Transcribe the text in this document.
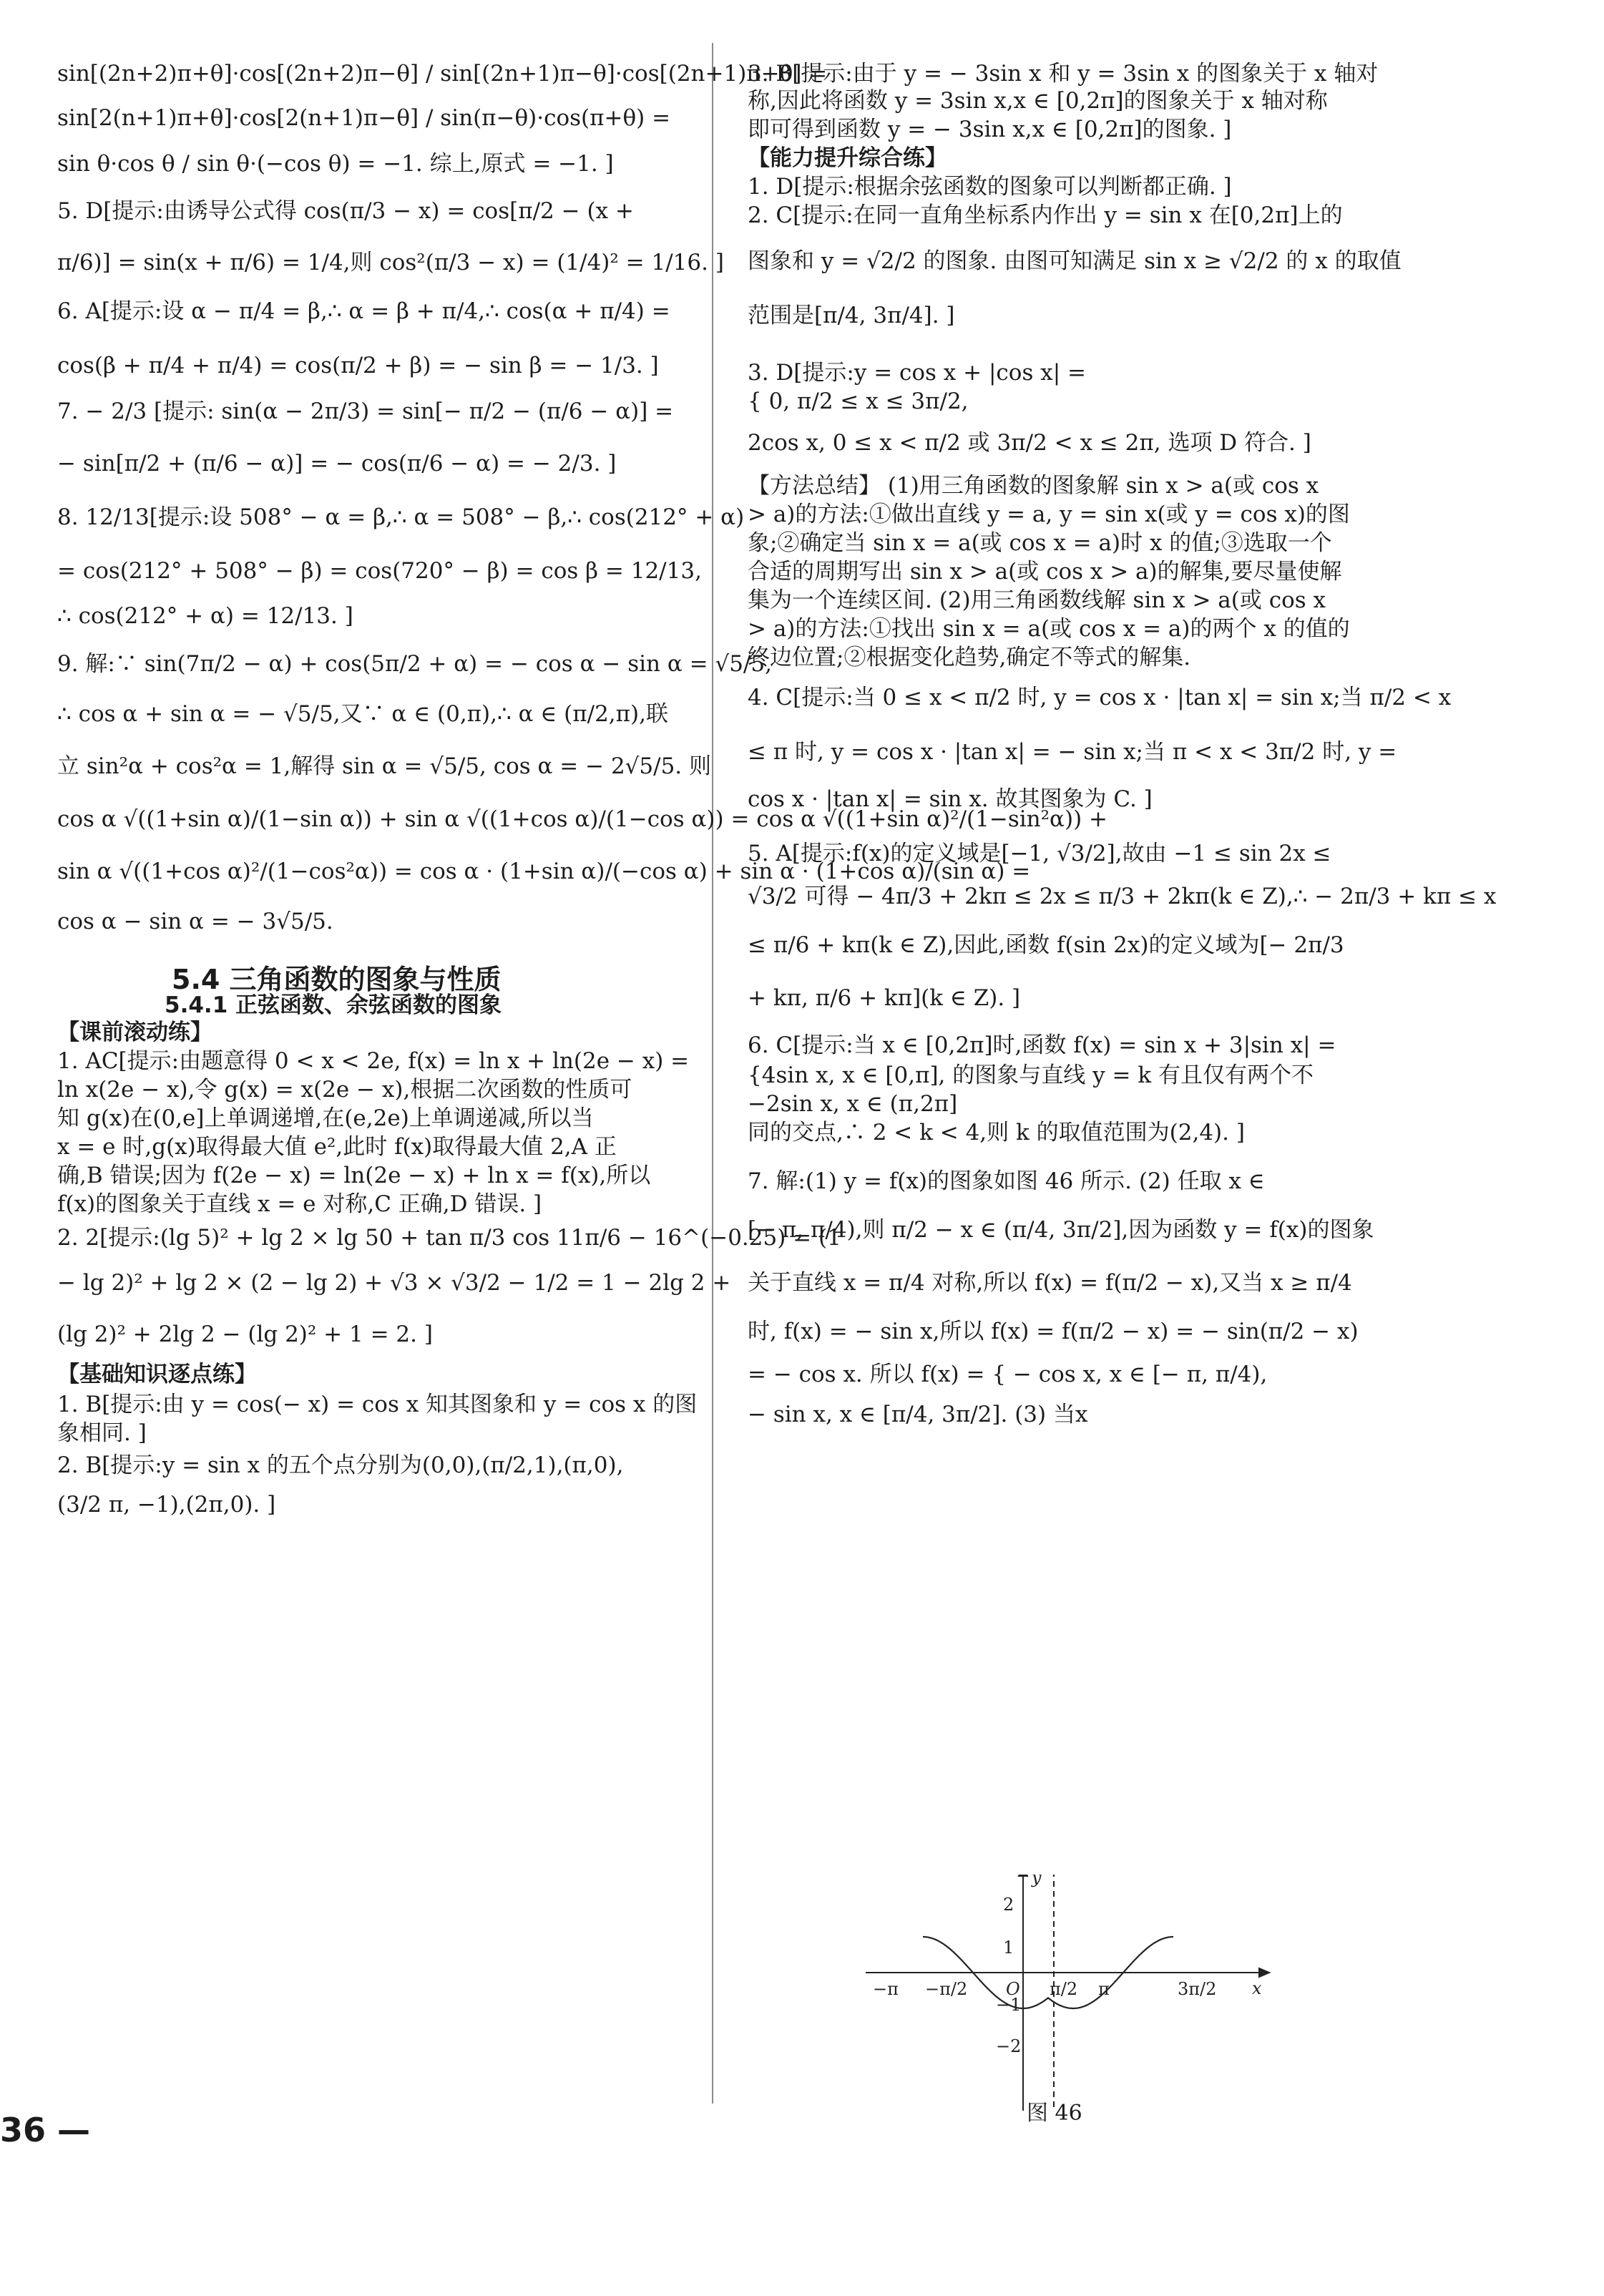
sin[(2n+2)π+θ]·cos[(2n+2)π−θ] / sin[(2n+1)π−θ]·cos[(2n+1)π+θ] =
sin[2(n+1)π+θ]·cos[2(n+1)π−θ] / sin(π−θ)·cos(π+θ) =
sin θ·cos θ / sin θ·(−cos θ) = −1. 综上,原式 = −1. ]
5. D[提示:由诱导公式得 cos(π/3 − x) = cos[π/2 − (x +
π/6)] = sin(x + π/6) = 1/4,则 cos²(π/3 − x) = (1/4)² = 1/16. ]
6. A[提示:设 α − π/4 = β,∴ α = β + π/4,∴ cos(α + π/4) =
cos(β + π/4 + π/4) = cos(π/2 + β) = − sin β = − 1/3. ]
7. − 2/3 [提示: sin(α − 2π/3) = sin[− π/2 − (π/6 − α)] =
− sin[π/2 + (π/6 − α)] = − cos(π/6 − α) = − 2/3. ]
8. 12/13[提示:设 508° − α = β,∴ α = 508° − β,∴ cos(212° + α)
= cos(212° + 508° − β) = cos(720° − β) = cos β = 12/13,
∴ cos(212° + α) = 12/13. ]
9. 解:∵ sin(7π/2 − α) + cos(5π/2 + α) = − cos α − sin α = √5/5,
∴ cos α + sin α = − √5/5,又∵ α ∈ (0,π),∴ α ∈ (π/2,π),联
立 sin²α + cos²α = 1,解得 sin α = √5/5, cos α = − 2√5/5. 则
cos α √((1+sin α)/(1−sin α)) + sin α √((1+cos α)/(1−cos α)) = cos α √((1+sin α)²/(1−sin²α)) +
sin α √((1+cos α)²/(1−cos²α)) = cos α · (1+sin α)/(−cos α) + sin α · (1+cos α)/(sin α) =
cos α − sin α = − 3√5/5.
5.4 三角函数的图象与性质
5.4.1 正弦函数、余弦函数的图象
【课前滚动练】
1. AC[提示:由题意得 0 < x < 2e, f(x) = ln x + ln(2e − x) =
ln x(2e − x),令 g(x) = x(2e − x),根据二次函数的性质可
知 g(x)在(0,e]上单调递增,在(e,2e)上单调递减,所以当
x = e 时,g(x)取得最大值 e²,此时 f(x)取得最大值 2,A 正
确,B 错误;因为 f(2e − x) = ln(2e − x) + ln x = f(x),所以
f(x)的图象关于直线 x = e 对称,C 正确,D 错误. ]
2. 2[提示:(lg 5)² + lg 2 × lg 50 + tan π/3 cos 11π/6 − 16^(−0.25) = (1
− lg 2)² + lg 2 × (2 − lg 2) + √3 × √3/2 − 1/2 = 1 − 2lg 2 +
(lg 2)² + 2lg 2 − (lg 2)² + 1 = 2. ]
【基础知识逐点练】
1. B[提示:由 y = cos(− x) = cos x 知其图象和 y = cos x 的图
象相同. ]
2. B[提示:y = sin x 的五个点分别为(0,0),(π/2,1),(π,0),
(3/2 π, −1),(2π,0). ]
3. B[提示:由于 y = − 3sin x 和 y = 3sin x 的图象关于 x 轴对
称,因此将函数 y = 3sin x,x ∈ [0,2π]的图象关于 x 轴对称
即可得到函数 y = − 3sin x,x ∈ [0,2π]的图象. ]
【能力提升综合练】
1. D[提示:根据余弦函数的图象可以判断都正确. ]
2. C[提示:在同一直角坐标系内作出 y = sin x 在[0,2π]上的
图象和 y = √2/2 的图象. 由图可知满足 sin x ≥ √2/2 的 x 的取值
范围是[π/4, 3π/4]. ]
3. D[提示:y = cos x + |cos x| =
{ 0, π/2 ≤ x ≤ 3π/2,
2cos x, 0 ≤ x < π/2 或 3π/2 < x ≤ 2π, 选项 D 符合. ]
【方法总结】 (1)用三角函数的图象解 sin x > a(或 cos x
> a)的方法:①做出直线 y = a, y = sin x(或 y = cos x)的图
象;②确定当 sin x = a(或 cos x = a)时 x 的值;③选取一个
合适的周期写出 sin x > a(或 cos x > a)的解集,要尽量使解
集为一个连续区间. (2)用三角函数线解 sin x > a(或 cos x
> a)的方法:①找出 sin x = a(或 cos x = a)的两个 x 的值的
终边位置;②根据变化趋势,确定不等式的解集.
4. C[提示:当 0 ≤ x < π/2 时, y = cos x · |tan x| = sin x;当 π/2 < x
≤ π 时, y = cos x · |tan x| = − sin x;当 π < x < 3π/2 时, y =
cos x · |tan x| = sin x. 故其图象为 C. ]
5. A[提示:f(x)的定义域是[−1, √3/2],故由 −1 ≤ sin 2x ≤
√3/2 可得 − 4π/3 + 2kπ ≤ 2x ≤ π/3 + 2kπ(k ∈ Z),∴ − 2π/3 + kπ ≤ x
≤ π/6 + kπ(k ∈ Z),因此,函数 f(sin 2x)的定义域为[− 2π/3
+ kπ, π/6 + kπ](k ∈ Z). ]
6. C[提示:当 x ∈ [0,2π]时,函数 f(x) = sin x + 3|sin x| =
{4sin x, x ∈ [0,π], 的图象与直线 y = k 有且仅有两个不
−2sin x, x ∈ (π,2π]
同的交点,∴ 2 < k < 4,则 k 的取值范围为(2,4). ]
7. 解:(1) y = f(x)的图象如图 46 所示. (2) 任取 x ∈
[− π, π/4),则 π/2 − x ∈ (π/4, 3π/2],因为函数 y = f(x)的图象
关于直线 x = π/4 对称,所以 f(x) = f(π/2 − x),又当 x ≥ π/4
时, f(x) = − sin x,所以 f(x) = f(π/2 − x) = − sin(π/2 − x)
= − cos x. 所以 f(x) = { − cos x, x ∈ [− π, π/4),
− sin x, x ∈ [π/4, 3π/2]. (3) 当x
y
x
O
−π −π/2	π
π/2	3π/2
2
1
−1
−2
图 46
36 —
